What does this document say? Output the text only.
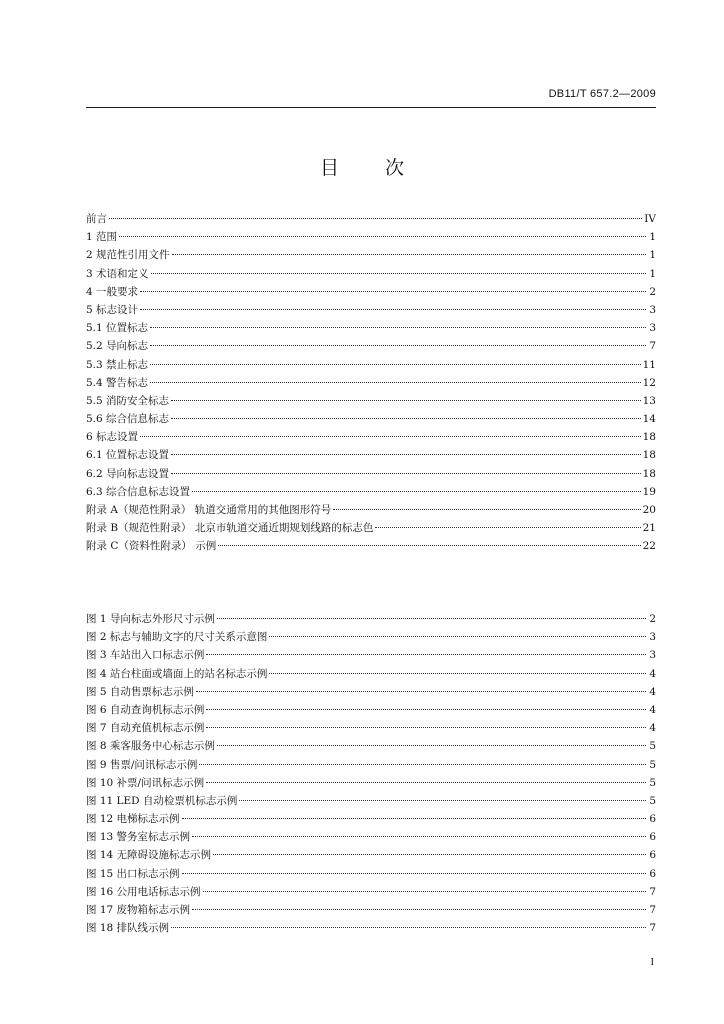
DB11/T 657.2—2009
目次
前言	IV
1 范围	1
2 规范性引用文件	1
3 术语和定义	1
4 一般要求	2
5 标志设计	3
5.1 位置标志	3
5.2 导向标志	7
5.3 禁止标志	11
5.4 警告标志	12
5.5 消防安全标志	13
5.6 综合信息标志	14
6 标志设置	18
6.1 位置标志设置	18
6.2 导向标志设置	18
6.3 综合信息标志设置	19
附录 A（规范性附录） 轨道交通常用的其他图形符号	20
附录 B（规范性附录） 北京市轨道交通近期规划线路的标志色	21
附录 C（资料性附录） 示例	22
图 1 导向标志外形尺寸示例	2
图 2 标志与辅助文字的尺寸关系示意图	3
图 3 车站出入口标志示例	3
图 4 站台柱面或墙面上的站名标志示例	4
图 5 自动售票标志示例	4
图 6 自动查询机标志示例	4
图 7 自动充值机标志示例	4
图 8 乘客服务中心标志示例	5
图 9 售票/问讯标志示例	5
图 10 补票/问讯标志示例	5
图 11 LED 自动检票机标志示例	5
图 12 电梯标志示例	6
图 13 警务室标志示例	6
图 14 无障碍设施标志示例	6
图 15 出口标志示例	6
图 16 公用电话标志示例	7
图 17 废物箱标志示例	7
图 18 排队线示例	7
I
